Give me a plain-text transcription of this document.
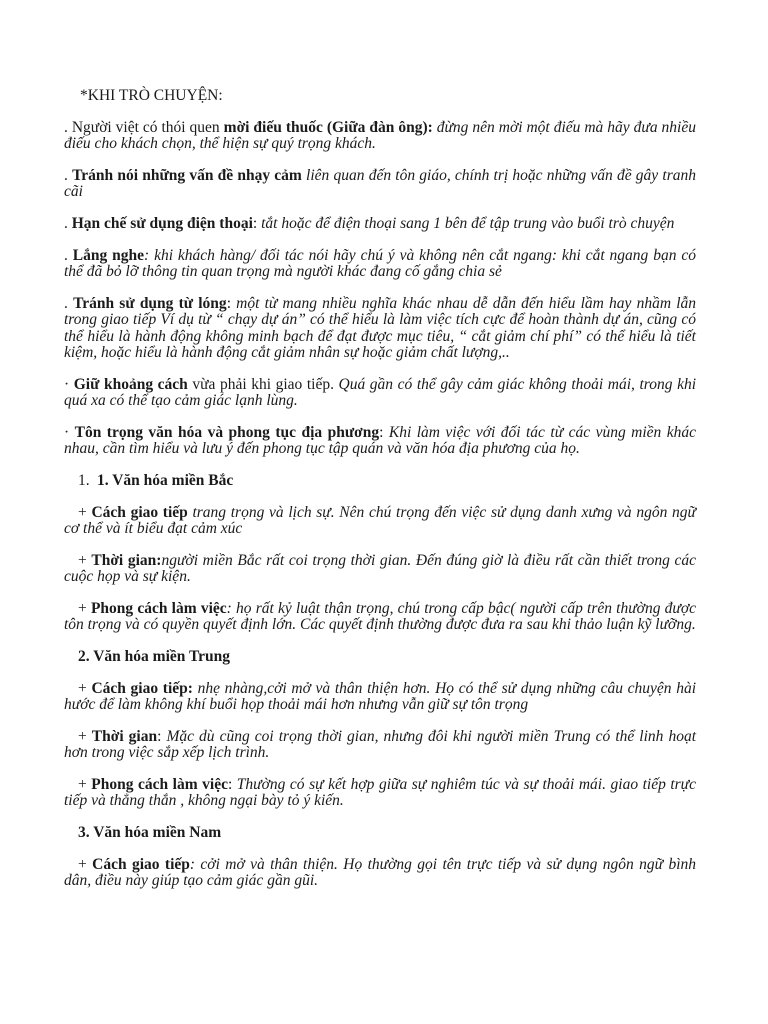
*KHI TRÒ CHUYỆN:

. Người việt có thói quen mời điếu thuốc (Giữa đàn ông): đừng nên mời một điếu mà hãy đưa nhiều điếu cho khách chọn, thể hiện sự quý trọng khách.

. Tránh nói những vấn đề nhạy cảm liên quan đến tôn giáo, chính trị hoặc những vấn đề gây tranh cãi

. Hạn chế sử dụng điện thoại: tắt hoặc để điện thoại sang 1 bên để tập trung vào buổi trò chuyện

. Lắng nghe: khi khách hàng/ đối tác nói hãy chú ý và không nên cắt ngang: khi cắt ngang bạn có thể đã bỏ lỡ thông tin quan trọng mà người khác đang cố gắng chia sẻ

. Tránh sử dụng từ lóng: một từ mang nhiều nghĩa khác nhau dễ dẫn đến hiểu lầm hay nhầm lẫn trong giao tiếp Ví dụ từ “ chạy dự án” có thể hiểu là làm việc tích cực để hoàn thành dự án, cũng có thể hiểu là hành động không minh bạch để đạt được mục tiêu, “ cắt giảm chí phí” có thể hiểu là tiết kiệm, hoặc hiểu là hành động cắt giảm nhân sự hoặc giảm chất lượng,..

· Giữ khoảng cách vừa phải khi giao tiếp. Quá gần có thể gây cảm giác không thoải mái, trong khi quá xa có thể tạo cảm giác lạnh lùng.

· Tôn trọng văn hóa và phong tục địa phương: Khi làm việc với đối tác từ các vùng miền khác nhau, cần tìm hiểu và lưu ý đến phong tục tập quán và văn hóa địa phương của họ.

1. 1. Văn hóa miền Bắc

+ Cách giao tiếp trang trọng và lịch sự. Nên chú trọng đến việc sử dụng danh xưng và ngôn ngữ cơ thể và ít biểu đạt cảm xúc

+ Thời gian:người miền Bắc rất coi trọng thời gian. Đến đúng giờ là điều rất cần thiết trong các cuộc họp và sự kiện.

+ Phong cách làm việc: họ rất kỷ luật thận trọng, chú trong cấp bậc( người cấp trên thường được tôn trọng và có quyền quyết định lớn. Các quyết định thường được đưa ra sau khi thảo luận kỹ lưỡng.

2. Văn hóa miền Trung

+ Cách giao tiếp: nhẹ nhàng,cởi mở và thân thiện hơn. Họ có thể sử dụng những câu chuyện hài hước để làm không khí buổi họp thoải mái hơn nhưng vẫn giữ sự tôn trọng

+ Thời gian: Mặc dù cũng coi trọng thời gian, nhưng đôi khi người miền Trung có thể linh hoạt hơn trong việc sắp xếp lịch trình.

+ Phong cách làm việc: Thường có sự kết hợp giữa sự nghiêm túc và sự thoải mái. giao tiếp trực tiếp và thẳng thắn , không ngại bày tỏ ý kiến.

3. Văn hóa miền Nam

+ Cách giao tiếp: cởi mở và thân thiện. Họ thường gọi tên trực tiếp và sử dụng ngôn ngữ bình dân, điều này giúp tạo cảm giác gần gũi.
